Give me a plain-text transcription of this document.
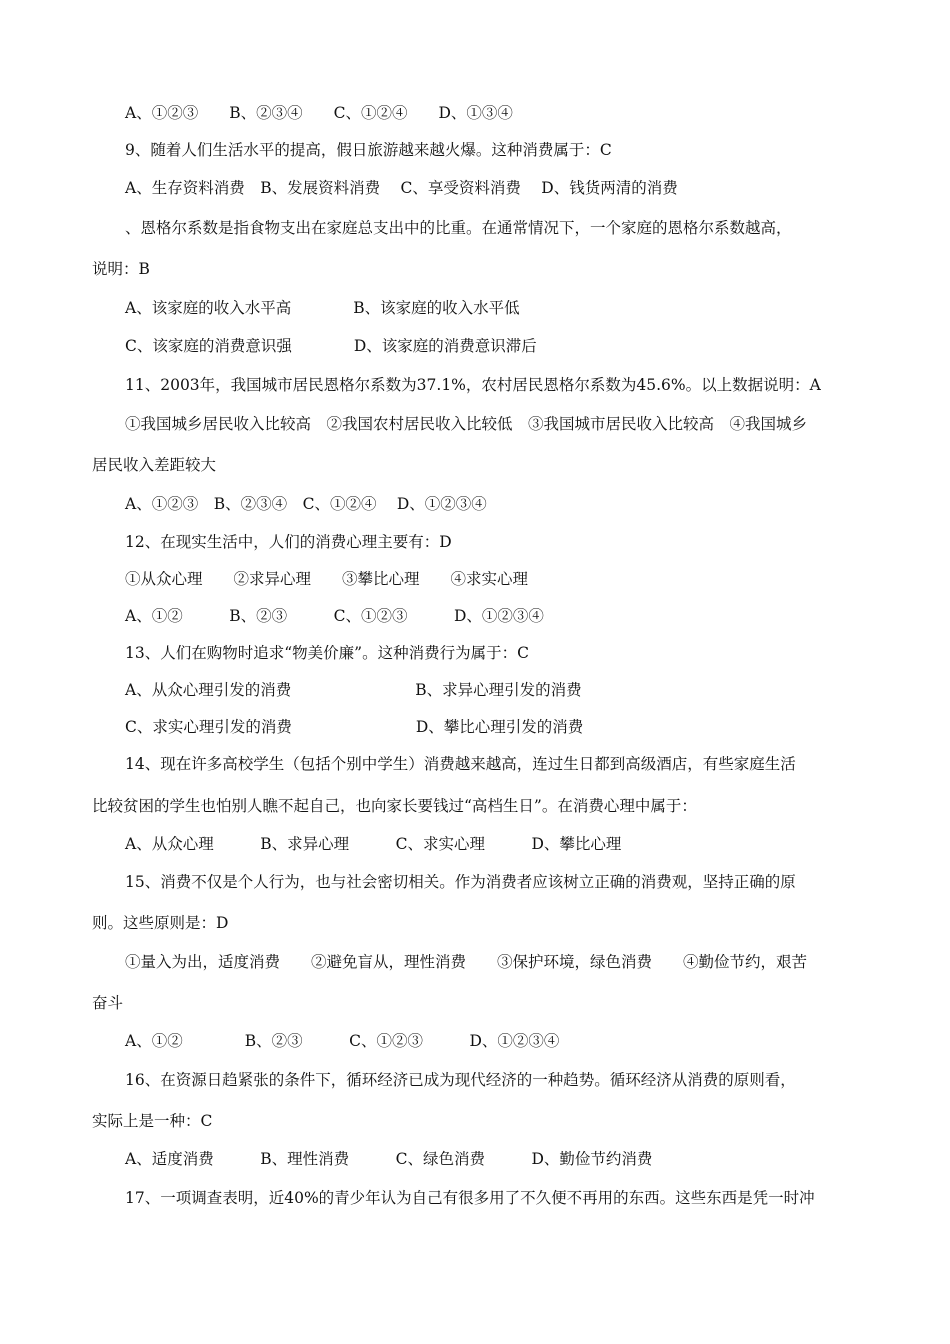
A、①②③　　B、②③④　　C、①②④　　D、①③④
9、随着人们生活水平的提高，假日旅游越来越火爆。这种消费属于：C
A、生存资料消费　B、发展资料消费　 C、享受资料消费　 D、钱货两清的消费
、恩格尔系数是指食物支出在家庭总支出中的比重。在通常情况下，一个家庭的恩格尔系数越高，
说明：B
A、该家庭的收入水平高　　　　B、该家庭的收入水平低
C、该家庭的消费意识强　　　　D、该家庭的消费意识滞后
11、2003年，我国城市居民恩格尔系数为37.1%，农村居民恩格尔系数为45.6%。以上数据说明：A
①我国城乡居民收入比较高　②我国农村居民收入比较低　③我国城市居民收入比较高　④我国城乡
居民收入差距较大
A、①②③　B、②③④　C、①②④　 D、①②③④
12、在现实生活中，人们的消费心理主要有：D
①从众心理　　②求异心理　　③攀比心理　　④求实心理
A、①②　　　B、②③　　　C、①②③　　　D、①②③④
13、人们在购物时追求“物美价廉”。这种消费行为属于：C
A、从众心理引发的消费　　　　　　　　B、求异心理引发的消费
C、求实心理引发的消费　　　　　　　　D、攀比心理引发的消费
14、现在许多高校学生（包括个别中学生）消费越来越高，连过生日都到高级酒店，有些家庭生活
比较贫困的学生也怕别人瞧不起自己，也向家长要钱过“高档生日”。在消费心理中属于：
A、从众心理　　　B、求异心理　　　C、求实心理　　　D、攀比心理
15、消费不仅是个人行为，也与社会密切相关。作为消费者应该树立正确的消费观，坚持正确的原
则。这些原则是：D
①量入为出，适度消费　　②避免盲从，理性消费　　③保护环境，绿色消费　　④勤俭节约，艰苦
奋斗
A、①②　　　　B、②③　　　C、①②③　　　D、①②③④
16、在资源日趋紧张的条件下，循环经济已成为现代经济的一种趋势。循环经济从消费的原则看，
实际上是一种：C
A、适度消费　　　B、理性消费　　　C、绿色消费　　　D、勤俭节约消费
17、一项调查表明，近40%的青少年认为自己有很多用了不久便不再用的东西。这些东西是凭一时冲
